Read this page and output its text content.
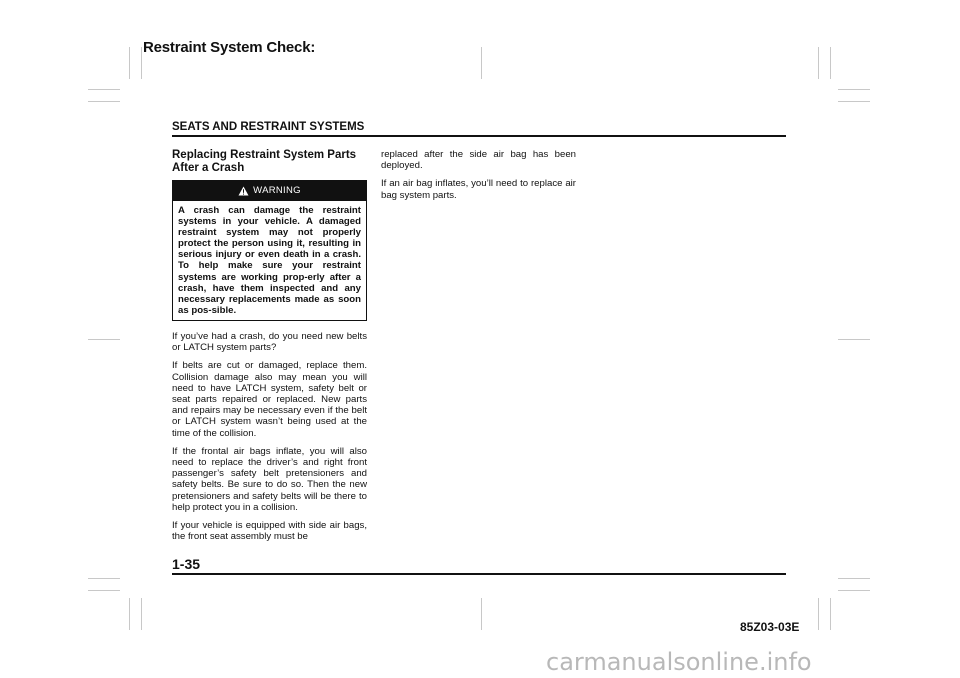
Restraint System Check:
SEATS AND RESTRAINT SYSTEMS
Replacing Restraint System Parts After a Crash
WARNING
A crash can damage the restraint systems in your vehicle. A damaged restraint system may not properly protect the person using it, resulting in serious injury or even death in a crash. To help make sure your restraint systems are working prop-erly after a crash, have them inspected and any necessary replacements made as soon as pos-sible.

If you’ve had a crash, do you need new belts or LATCH system parts?

If belts are cut or damaged, replace them. Collision damage also may mean you will need to have LATCH system, safety belt or seat parts repaired or replaced. New parts and repairs may be necessary even if the belt or LATCH system wasn’t being used at the time of the collision.

If the frontal air bags inflate, you will also need to replace the driver’s and right front passenger’s safety belt pretensioners and safety belts. Be sure to do so. Then the new pretensioners and safety belts will be there to help protect you in a collision.

If your vehicle is equipped with side air bags, the front seat assembly must be

replaced after the side air bag has been deployed.

If an air bag inflates, you’ll need to replace air bag system parts.

1-35
85Z03-03E
carmanualsonline.info
